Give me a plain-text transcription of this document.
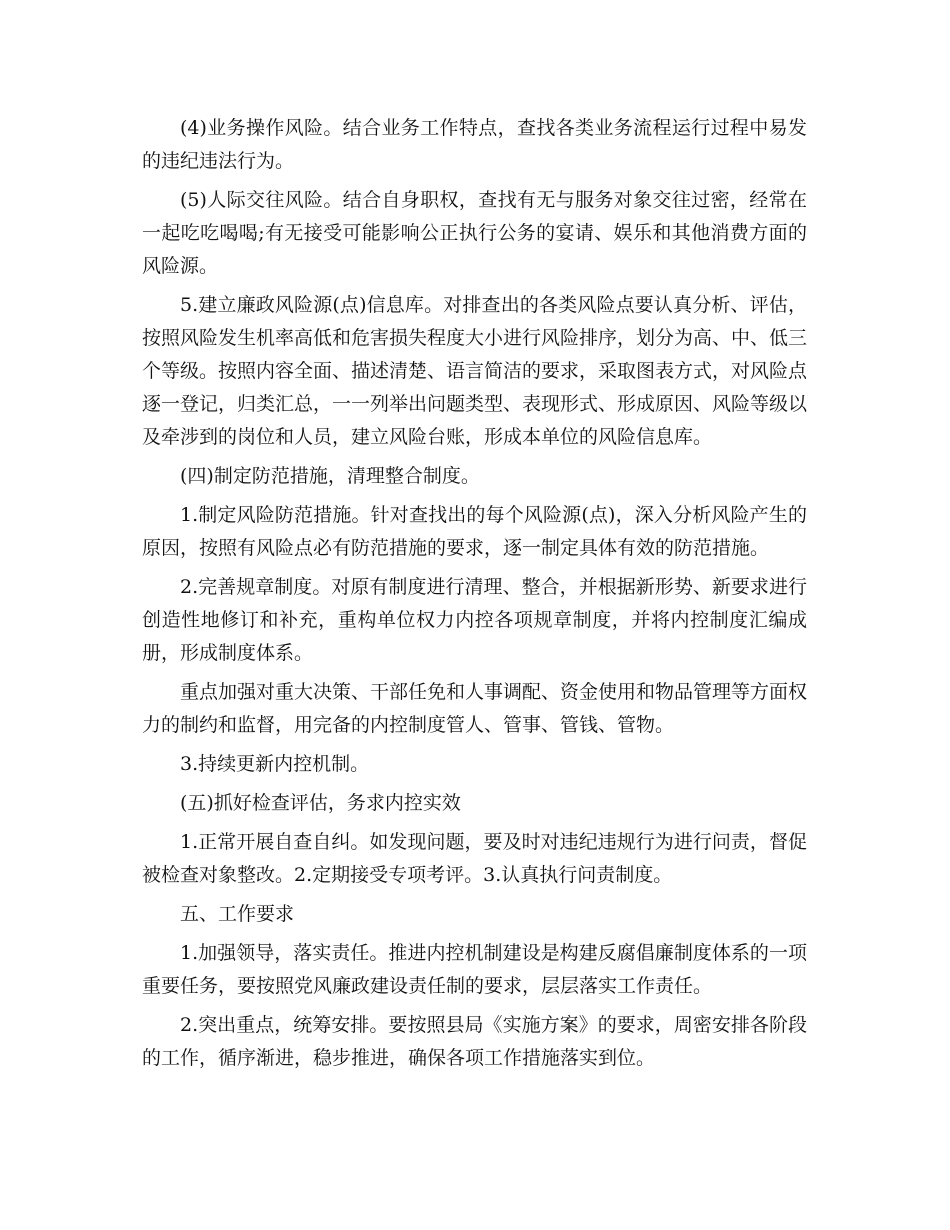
(4)业务操作风险。结合业务工作特点，查找各类业务流程运行过程中易发的违纪违法行为。

(5)人际交往风险。结合自身职权，查找有无与服务对象交往过密，经常在一起吃吃喝喝;有无接受可能影响公正执行公务的宴请、娱乐和其他消费方面的风险源。

5.建立廉政风险源(点)信息库。对排查出的各类风险点要认真分析、评估，按照风险发生机率高低和危害损失程度大小进行风险排序，划分为高、中、低三个等级。按照内容全面、描述清楚、语言简洁的要求，采取图表方式，对风险点逐一登记，归类汇总，一一列举出问题类型、表现形式、形成原因、风险等级以及牵涉到的岗位和人员，建立风险台账，形成本单位的风险信息库。

(四)制定防范措施，清理整合制度。

1.制定风险防范措施。针对查找出的每个风险源(点)，深入分析风险产生的原因，按照有风险点必有防范措施的要求，逐一制定具体有效的防范措施。

2.完善规章制度。对原有制度进行清理、整合，并根据新形势、新要求进行创造性地修订和补充，重构单位权力内控各项规章制度，并将内控制度汇编成册，形成制度体系。

重点加强对重大决策、干部任免和人事调配、资金使用和物品管理等方面权力的制约和监督，用完备的内控制度管人、管事、管钱、管物。

3.持续更新内控机制。

(五)抓好检查评估，务求内控实效

1.正常开展自查自纠。如发现问题，要及时对违纪违规行为进行问责，督促被检查对象整改。2.定期接受专项考评。3.认真执行问责制度。

五、工作要求

1.加强领导，落实责任。推进内控机制建设是构建反腐倡廉制度体系的一项重要任务，要按照党风廉政建设责任制的要求，层层落实工作责任。

2.突出重点，统筹安排。要按照县局《实施方案》的要求，周密安排各阶段的工作，循序渐进，稳步推进，确保各项工作措施落实到位。
